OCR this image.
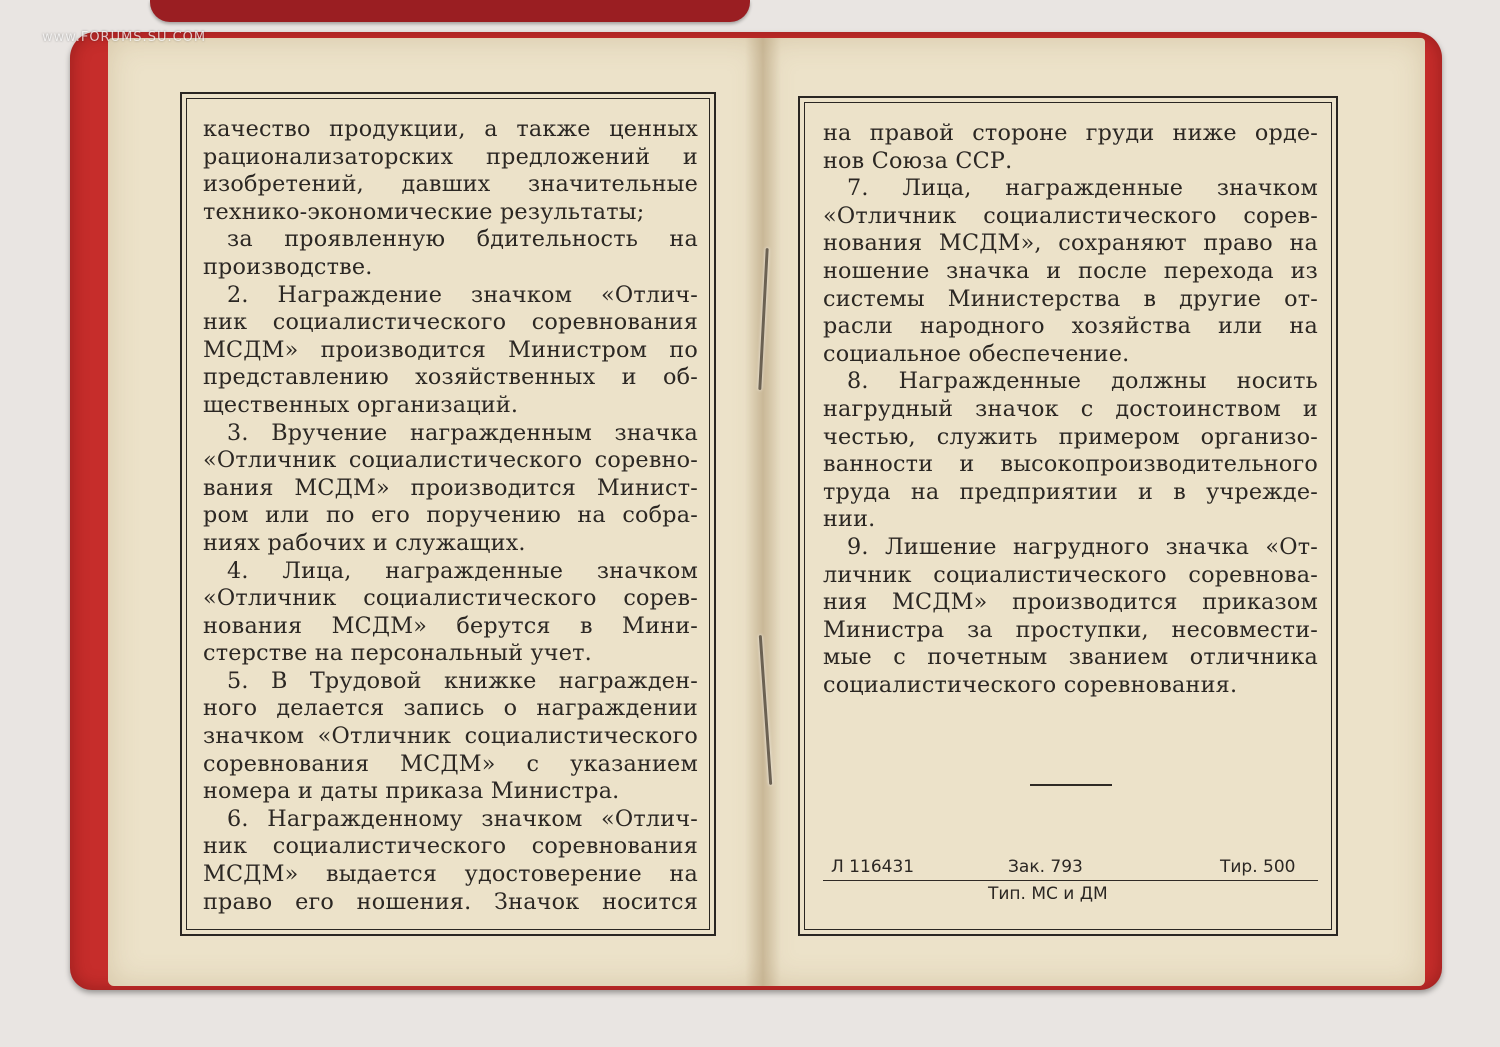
качество продукции, а также ценных
рационализаторских предложений и
изобретений, давших значительные
технико-экономические результаты;
за проявленную бдительность на
производстве.
2. Награждение значком «Отлич-
ник социалистического соревнования
МСДМ» производится Министром по
представлению хозяйственных и об-
щественных организаций.
3. Вручение награжденным значка
«Отличник социалистического соревно-
вания МСДМ» производится Минист-
ром или по его поручению на собра-
ниях рабочих и служащих.
4. Лица, награжденные значком
«Отличник социалистического сорев-
нования МСДМ» берутся в Мини-
стерстве на персональный учет.
5. В Трудовой книжке награжден-
ного делается запись о награждении
значком «Отличник социалистического
соревнования МСДМ» с указанием
номера и даты приказа Министра.
6. Награжденному значком «Отлич-
ник социалистического соревнования
МСДМ» выдается удостоверение на
право его ношения. Значок носится
на правой стороне груди ниже орде-
нов Союза ССР.
7. Лица, награжденные значком
«Отличник социалистического сорев-
нования МСДМ», сохраняют право на
ношение значка и после перехода из
системы Министерства в другие от-
расли народного хозяйства или на
социальное обеспечение.
8. Награжденные должны носить
нагрудный значок с достоинством и
честью, служить примером организо-
ванности и высокопроизводительного
труда на предприятии и в учрежде-
нии.
9. Лишение нагрудного значка «От-
личник социалистического соревнова-
ния МСДМ» производится приказом
Министра за проступки, несовмести-
мые с почетным званием отличника
социалистического соревнования.
Л 116431	Зак. 793	Тир. 500
Тип. МС и ДМ
www.FORUMS.SU.COM
